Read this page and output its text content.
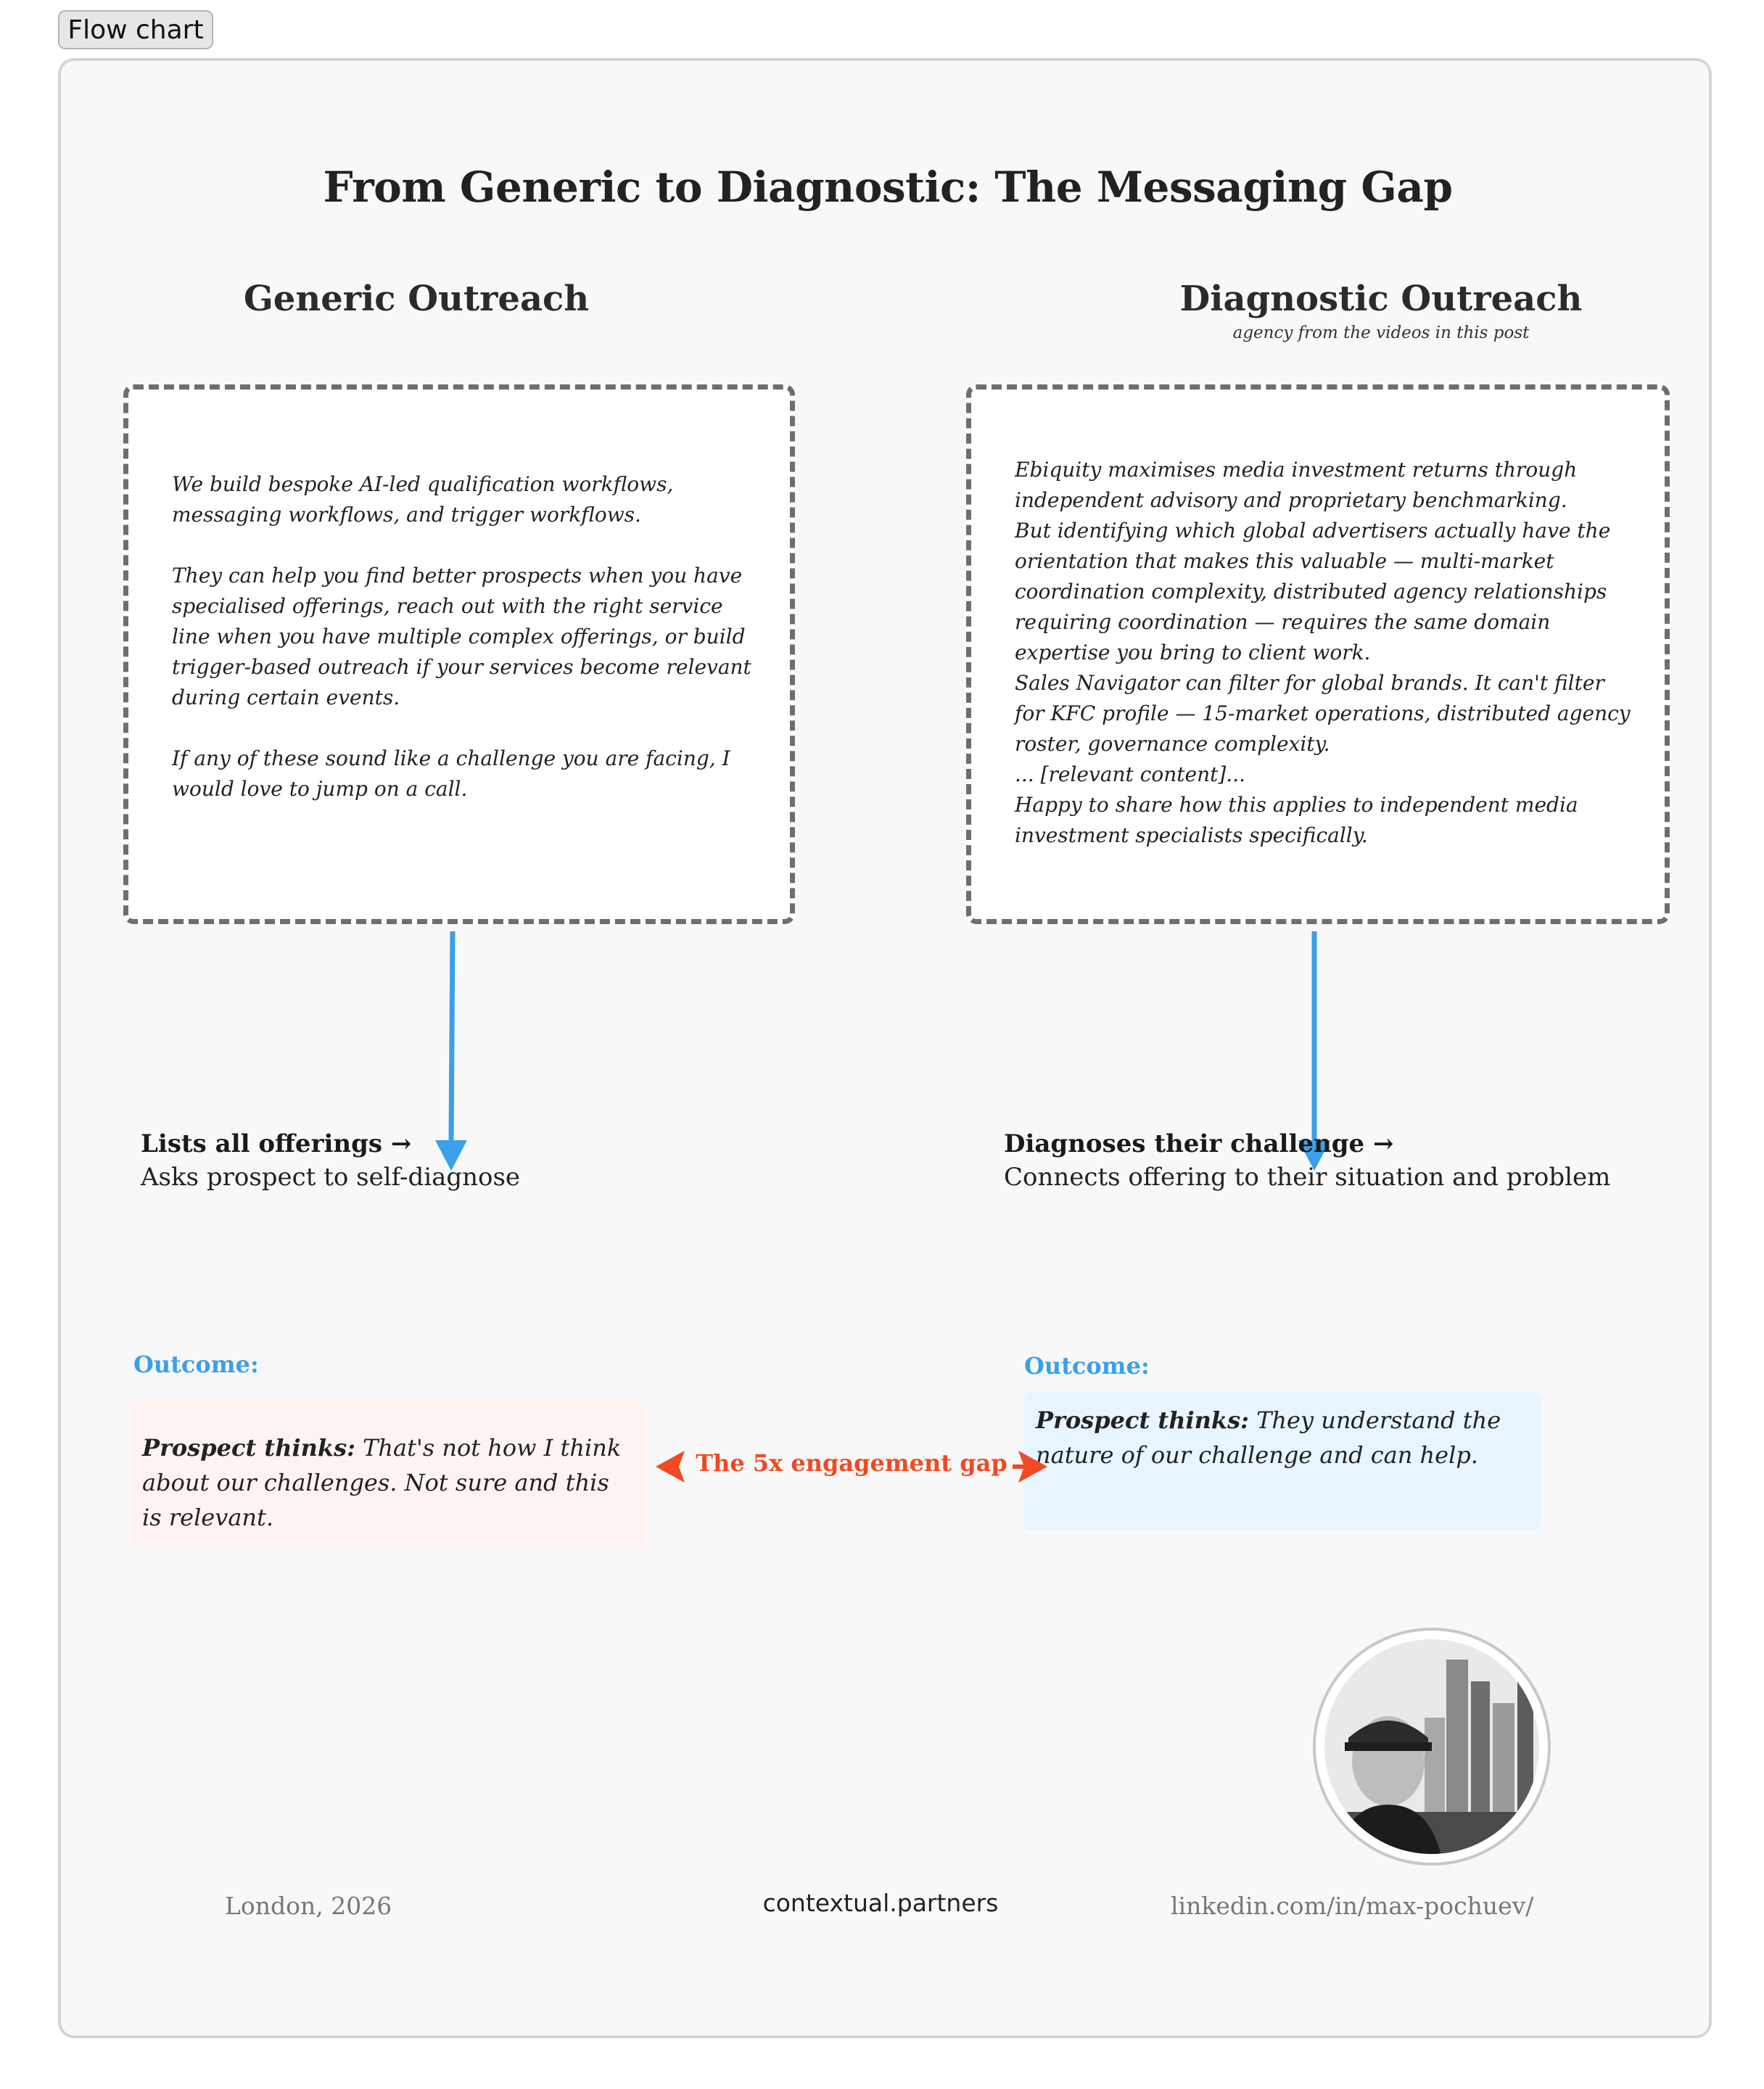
Flow chart
From Generic to Diagnostic: The Messaging Gap
Generic Outreach	Diagnostic Outreach
agency from the videos in this post

We build bespoke AI-led qualification workflows, messaging workflows, and trigger workflows.

They can help you find better prospects when you have specialised offerings, reach out with the right service line when you have multiple complex offerings, or build trigger-based outreach if your services become relevant during certain events.

If any of these sound like a challenge you are facing, I would love to jump on a call.

Ebiquity maximises media investment returns through independent advisory and proprietary benchmarking.

But identifying which global advertisers actually have the orientation that makes this valuable — multi-market coordination complexity, distributed agency relationships requiring coordination — requires the same domain expertise you bring to client work.

Sales Navigator can filter for global brands. It can't filter for KFC profile — 15-market operations, distributed agency roster, governance complexity.

... [relevant content]...

Happy to share how this applies to independent media investment specialists specifically.

Lists all offerings →
Asks prospect to self-diagnose
Diagnoses their challenge →
Connects offering to their situation and problem
Outcome:	Outcome:
Prospect thinks: That's not how I think about our challenges. Not sure and this is relevant.
Prospect thinks: They understand the nature of our challenge and can help.
The 5x engagement gap
London, 2026	contextual.partners	linkedin.com/in/max-pochuev/
